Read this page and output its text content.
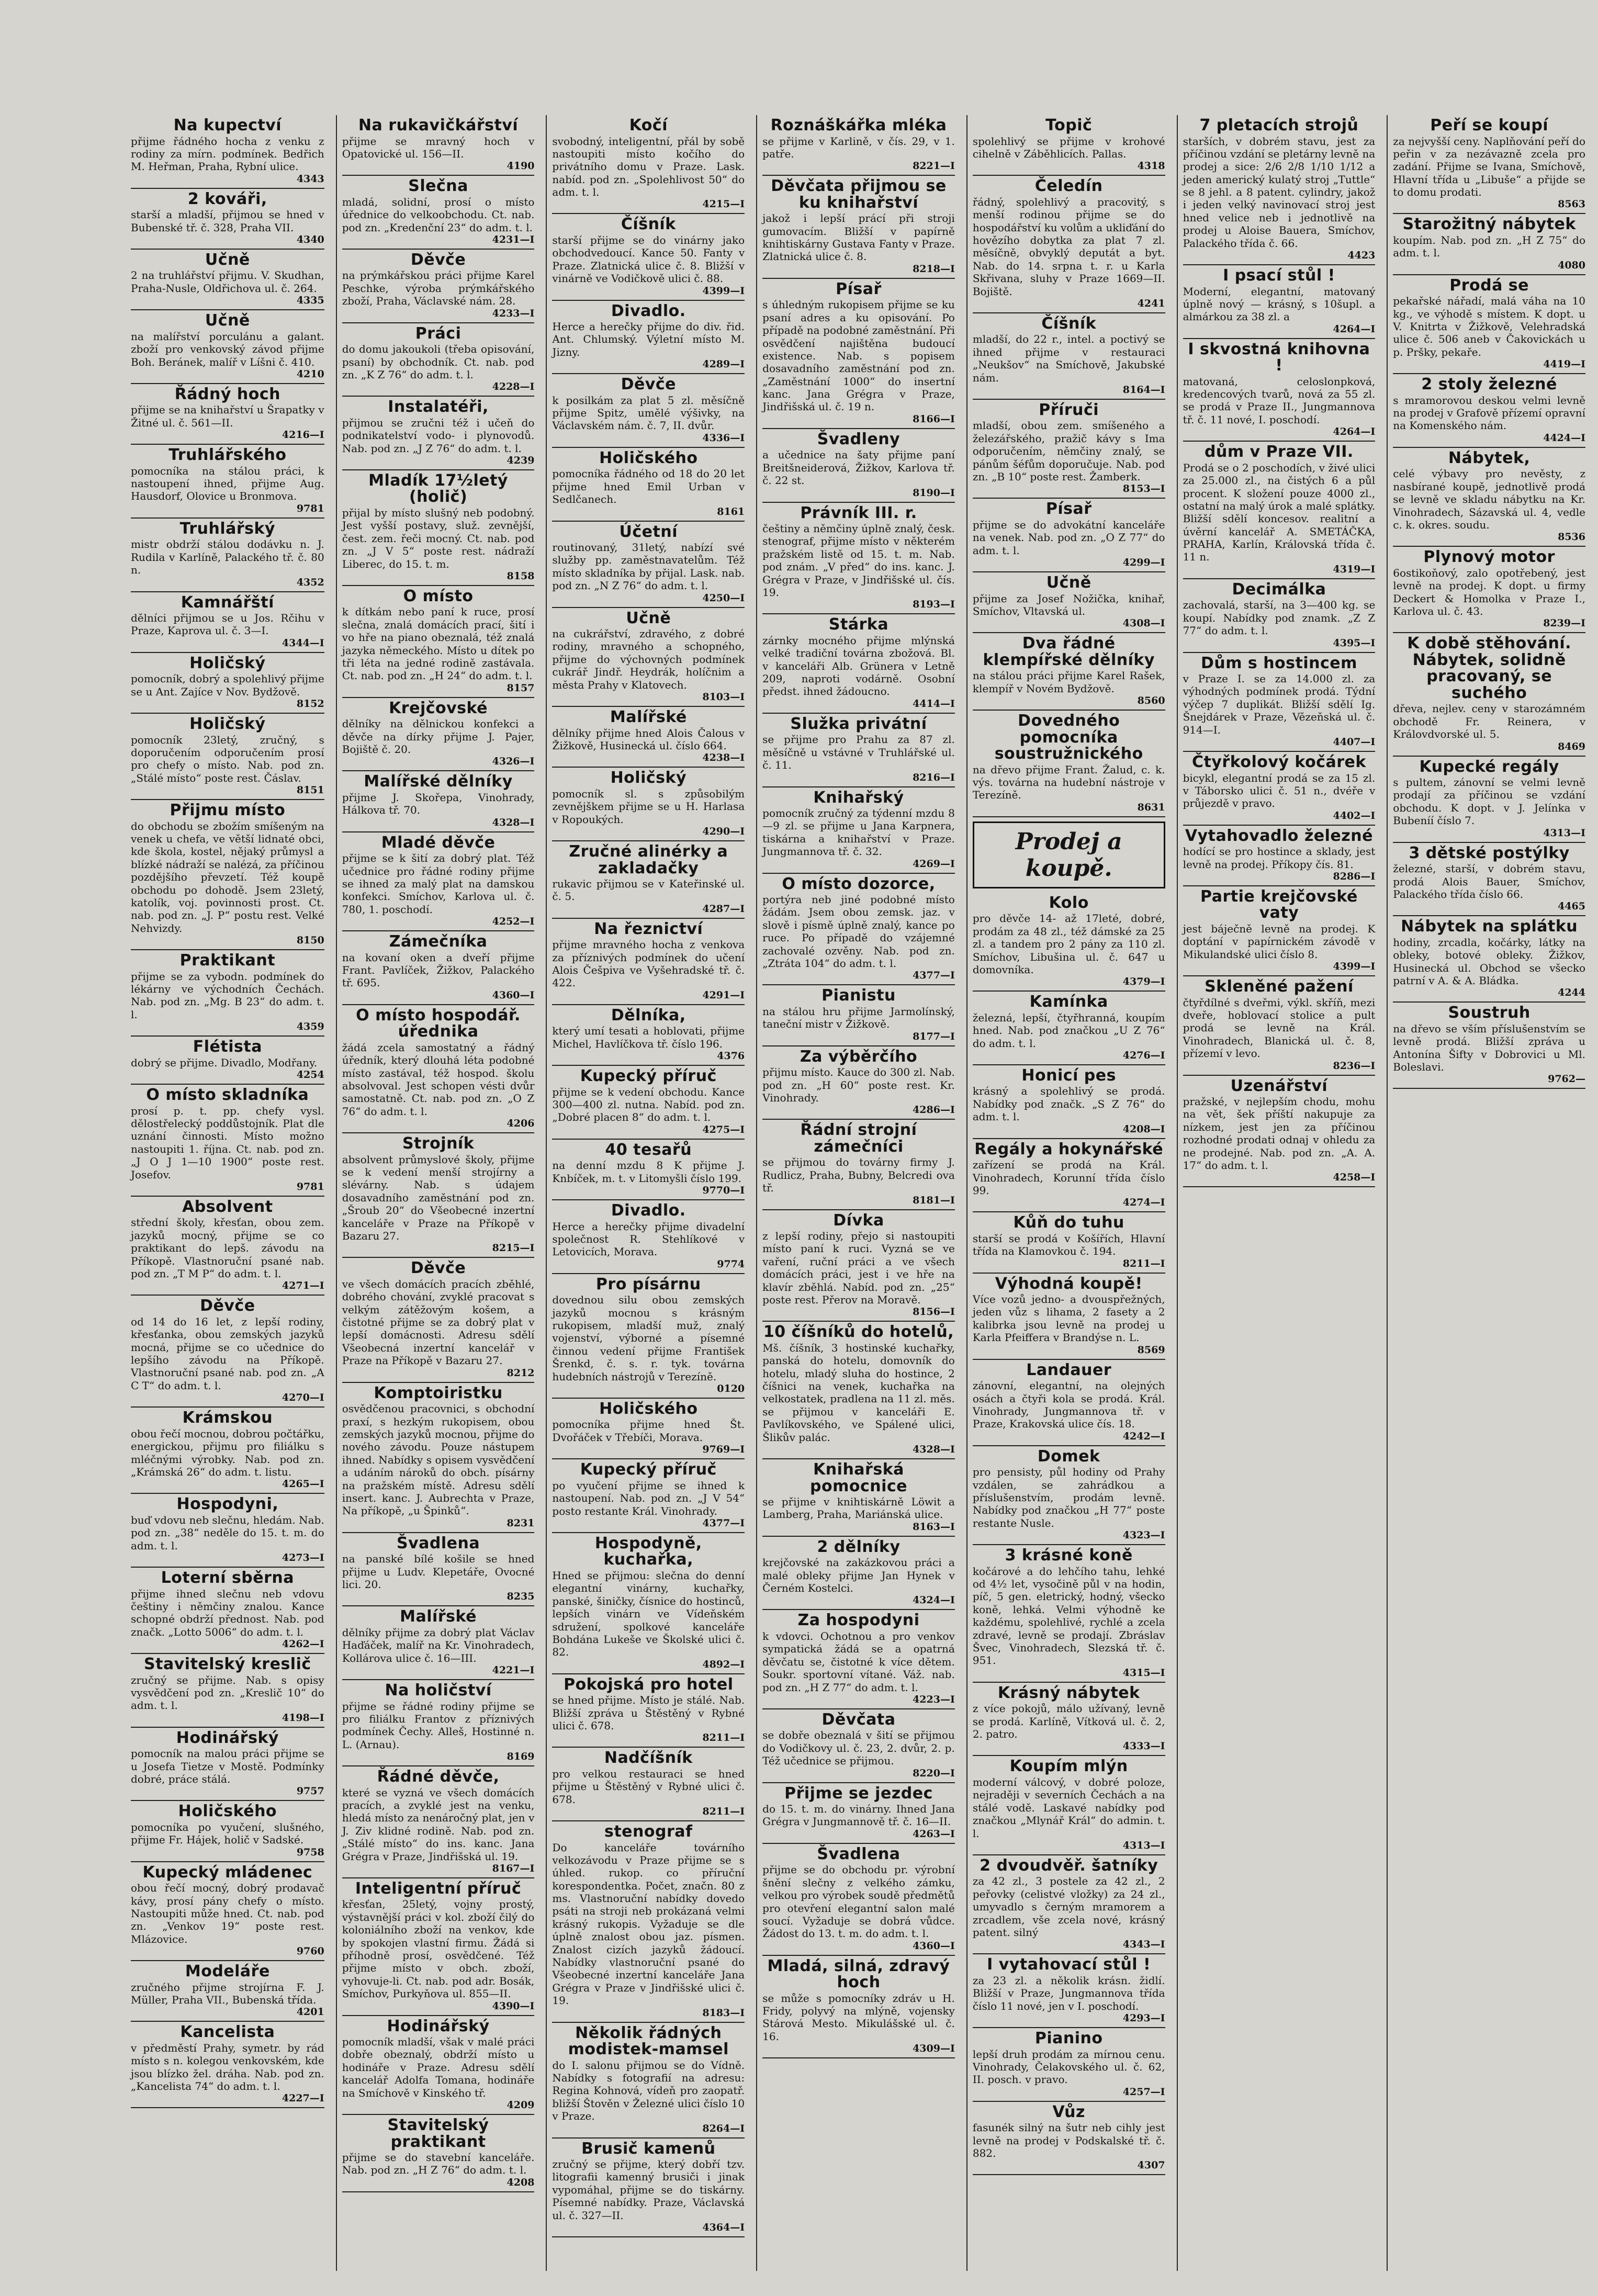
Na kupectví

přijme řádného hocha z venku z rodiny za mírn. podmínek. Bedřich M. Heřman, Praha, Rybní ulice.

4343
2 kováři,

starší a mladší, přijmou se hned v Bubenské tř. č. 328, Praha VII.

4340
Učně

2 na truhlářství přijmu. V. Skudhan, Praha-Nusle, Oldřichova ul. č. 264.

4335
Učně

na malířství porculánu a galant. zboží pro venkovský závod přijme Boh. Beránek, malíř v Líšni č. 410.

4210
Řádný hoch

přijme se na knihařství u Šrapatky v Žitné ul. č. 561—II.

4216—I
Truhlářského

pomocníka na stálou práci, k nastoupení ihned, přijme Aug. Hausdorf, Olovice u Bronmova.

9781
Truhlářský

mistr obdrží stálou dodávku n. J. Rudila v Karlíně, Palackého tř. č. 80 n.

4352
Kamnářští

dělníci přijmou se u Jos. Rčihu v Praze, Kaprova ul. č. 3—I.

4344—I
Holičský

pomocník, dobrý a spolehlivý přijme se u Ant. Zajíce v Nov. Bydžově.

8152
Holičský

pomocník 23letý, zručný, s doporučením odporučením prosí pro chefy o místo. Nab. pod zn. „Stálé místo“ poste rest. Čáslav.

8151
Přijmu místo

do obchodu se zbožím smíšeným na venek u chefa, ve větší lidnaté obci, kde škola, kostel, nějaký průmysl a blízké nádraží se nalézá, za příčinou pozdějšího převzetí. Též koupě obchodu po dohodě. Jsem 23letý, katolík, voj. povinnosti prost. Ct. nab. pod zn. „J. P“ postu rest. Velké Nehvizdy.

8150
Praktikant

přijme se za vybodn. podmínek do lékárny ve východních Čechách. Nab. pod zn. „Mg. B 23“ do adm. t. l.

4359
Flétista

dobrý se přijme. Divadlo, Modřany.

4254
O místo skladníka

prosí p. t. pp. chefy vysl. dělostřelecký poddůstojník. Plat dle uznání činnosti. Místo možno nastoupiti 1. října. Ct. nab. pod zn. „J O J 1—10 1900“ poste rest. Josefov.

9781
Absolvent

střední školy, křesťan, obou zem. jazyků mocný, přijme se co praktikant do lepš. závodu na Příkopě. Vlastnoruční psané nab. pod zn. „T M P“ do adm. t. l.

4271—I
Děvče

od 14 do 16 let, z lepší rodiny, křesťanka, obou zemských jazyků mocná, přijme se co učednice do lepšího závodu na Příkopě. Vlastnoruční psané nab. pod zn. „A C T“ do adm. t. l.

4270—I
Krámskou

obou řečí mocnou, dobrou počtářku, energickou, přijmu pro filiálku s mléčnými výrobky. Nab. pod zn. „Krámská 26“ do adm. t. listu.

4265—I
Hospodyni,

buď vdovu neb slečnu, hledám. Nab. pod zn. „38“ neděle do 15. t. m. do adm. t. l.

4273—I
Loterní sběrna

přijme ihned slečnu neb vdovu češtiny i němčiny znalou. Kance schopné obdrží přednost. Nab. pod značk. „Lotto 5006“ do adm. t. l.

4262—I
Stavitelský kreslič

zručný se přijme. Nab. s opisy vysvědčení pod zn. „Kreslič 10“ do adm. t. l.

4198—I
Hodinářský

pomocník na malou práci přijme se u Josefa Tietze v Mostě. Podmínky dobré, práce stálá.

9757
Holičského

pomocníka po vyučení, slušného, přijme Fr. Hájek, holič v Sadské.

9758
Kupecký mládenec

obou řečí mocný, dobrý prodavač kávy, prosí pány chefy o místo. Nastoupiti může hned. Ct. nab. pod zn. „Venkov 19“ poste rest. Mlázovice.

9760
Modeláře

zručného přijme strojírna F. J. Müller, Praha VII., Bubenská třída.

4201
Kancelista

v předměstí Prahy, symetr. by rád místo s n. kolegou venkovském, kde jsou blízko žel. dráha. Nab. pod zn. „Kancelista 74“ do adm. t. l.

4227—I
Na rukavičkářství

přijme se mravný hoch v Opatovické ul. 156—II.

4190
Slečna

mladá, solidní, prosí o místo úřednice do velkoobchodu. Ct. nab. pod zn. „Kredenční 23“ do adm. t. l.

4231—I
Děvče

na prýmkářskou práci přijme Karel Peschke, výroba prýmkářského zboží, Praha, Václavské nám. 28.

4233—I
Práci

do domu jakoukoli (třeba opisování, psaní) by obchodník. Ct. nab. pod zn. „K Z 76“ do adm. t. l.

4228—I
Instalatéři,

přijmou se zručni též i učeň do podnikatelství vodo- i plynovodů. Nab. pod zn. „J Z 76“ do adm. t. l.

4239
Mladík 17½letý (holič)

přijal by místo slušný neb podobný. Jest vyšší postavy, služ. zevnější, čest. zem. řeči mocný. Ct. nab. pod zn. „J V 5“ poste rest. nádraží Liberec, do 15. t. m.

8158
O místo

k dítkám nebo paní k ruce, prosí slečna, znalá domácích prací, šití i vo hře na piano obeznalá, též znalá jazyka německého. Místo u dítek po tři léta na jedné rodině zastávala. Ct. nab. pod zn. „H 24“ do adm. t. l.

8157
Krejčovské

dělníky na dělnickou konfekci a děvče na dírky přijme J. Pajer, Bojiště č. 20.

4326—I
Malířské dělníky

přijme J. Skořepa, Vinohrady, Hálkova tř. 70.

4328—I
Mladé děvče

přijme se k šití za dobrý plat. Též učednice pro řádné rodiny přijme se ihned za malý plat na damskou konfekci. Smíchov, Karlova ul. č. 780, 1. poschodí.

4252—I
Zámečníka

na kovaní oken a dveří přijme Frant. Pavlíček, Žižkov, Palackého tř. 695.

4360—I
O místo hospodář. úřednika

žádá zcela samostatný a řádný úředník, který dlouhá léta podobné místo zastával, též hospod. školu absolvoval. Jest schopen vésti dvůr samostatně. Ct. nab. pod zn. „O Z 76“ do adm. t. l.

4206
Strojník

absolvent průmyslové školy, přijme se k vedení menší strojírny a slévárny. Nab. s údajem dosavadního zaměstnání pod zn. „Šroub 20“ do Všeobecné inzertní kanceláře v Praze na Příkopě v Bazaru 27.

8215—I
Děvče

ve všech domácích pracích zběhlé, dobrého chování, zvyklé pracovat s velkým zátěžovým košem, a čistotné přijme se za dobrý plat v lepší domácnosti. Adresu sdělí Všeobecná inzertní kancelář v Praze na Příkopě v Bazaru 27.

8212
Komptoiristku

osvědčenou pracovnici, s obchodní praxí, s hezkým rukopisem, obou zemských jazyků mocnou, přijme do nového závodu. Pouze nástupem ihned. Nabídky s opisem vysvědčení a udáním nároků do obch. písárny na pražském místě. Adresu sdělí insert. kanc. J. Aubrechta v Praze, Na příkopě, „u Špinků“.

8231
Švadlena

na panské bílé košile se hned přijme u Ludv. Klepetáře, Ovocné lici. 20.

8235
Malířské

dělníky přijme za dobrý plat Václav Haďáček, malíř na Kr. Vinohradech, Kollárova ulice č. 16—III.

4221—I
Na holičství

přijme se řádné rodiny přijme se pro filiálku Frantov z příznivých podmínek Čechy. Alleš, Hostinné n. L. (Arnau).

8169
Řádné děvče,

které se vyzná ve všech domácích pracích, a zvyklé jest na venku, hledá místo za nenáročný plat, jen v J. Ziv klidné rodině. Nab. pod zn. „Stálé místo“ do ins. kanc. Jana Grégra v Praze, Jindřišská ul. 19.

8167—I
Inteligentní příruč

křesťan, 25letý, vojny prostý, výstavnější práci v kol. zboží čilý do koloniálního zboží na venkov, kde by spokojen vlastní firmu. Žádá si příhodně prosí, osvědčené. Též přijme místo v obch. zboží, vyhovuje-li. Ct. nab. pod adr. Bosák, Smíchov, Purkyňova ul. 855—II.

4390—I
Hodinářský

pomocník mladší, však v malé práci dobře obeznalý, obdrží místo u hodináře v Praze. Adresu sdělí kancelář Adolfa Tomana, hodináře na Smíchově v Kinského tř.

4209
Stavitelský praktikant

přijme se do stavební kanceláře. Nab. pod zn. „H Z 76“ do adm. t. l.

4208
Kočí

svobodný, inteligentní, přál by sobě nastoupiti místo kočího do privátního domu v Praze. Lask. nabíd. pod zn. „Spolehlivost 50“ do adm. t. l.

4215—I
Číšník

starší přijme se do vinárny jako obchodvedoucí. Kance 50. Fanty v Praze. Zlatnická ulice č. 8. Bližší v vinárně ve Vodičkově ulici č. 88.

4399—I
Divadlo.

Herce a herečky přijme do div. řid. Ant. Chlumský. Výletní místo M. Jizny.

4289—I
Děvče

k posilkám za plat 5 zl. měsíčně přijme Spitz, umělé výšivky, na Václavském nám. č. 7, II. dvůr.

4336—I
Holičského

pomocníka řádného od 18 do 20 let přijme hned Emil Urban v Sedlčanech.

8161
Účetní

routinovaný, 31letý, nabízí své služby pp. zaměstnavatelům. Též místo skladníka by přijal. Lask. nab. pod zn. „N Z 76“ do adm. t. l.

4250—I
Učně

na cukrářství, zdravého, z dobré rodiny, mravného a schopného, přijme do výchovných podmínek cukrář Jindř. Heydrák, holíčnim a města Prahy v Klatovech.

8103—I
Malířské

dělníky přijme hned Alois Čalous v Žižkově, Husinecká ul. číslo 664.

4238—I
Holičský

pomocník sl. s způsobilým zevnějškem přijme se u H. Harlasa v Ropoukých.

4290—I
Zručné alinérky a zakladačky

rukavic přijmou se v Kateřinské ul. č. 5.

4287—I
Na řeznictví

přijme mravného hocha z venkova za příznivých podmínek do učení Alois Češpiva ve Vyšehradské tř. č. 422.

4291—I
Dělníka,

který umí tesati a hoblovati, přijme Michel, Havlíčkova tř. číslo 196.

4376
Kupecký příruč

přijme se k vedení obchodu. Kance 300—400 zl. nutna. Nabíd. pod zn. „Dobré placen 8“ do adm. t. l.

4275—I
40 tesařů

na denní mzdu 8 K přijme J. Knbíček, m. t. v Litomyšli číslo 199.

9770—I
Divadlo.

Herce a herečky přijme divadelní společnost R. Stehlíkové v Letovicích, Morava.

9774
Pro písárnu

dovednou silu obou zemských jazyků mocnou s krásným rukopisem, mladší muž, znalý vojenství, výborné a písemné činnou vedení přijme František Šrenkd, č. s. r. tyk. továrna hudebních nástrojů v Terezíně.

0120
Holičského

pomocníka přijme hned Št. Dvořáček v Třebíči, Morava.

9769—I
Kupecký příruč

po vyučení přijme se ihned k nastoupení. Nab. pod zn. „J V 54“ posto restante Král. Vinohrady.

4377—I
Hospodyně, kuchařka,

Hned se přijmou: slečna do denní elegantní vinárny, kuchařky, panské, šiničky, čísnice do hostinců, lepších vinárn ve Vídeňském sdružení, spolkové kanceláře Bohdána Lukeše ve Školské ulici č. 82.

4892—I
Pokojská pro hotel

se hned přijme. Místo je stálé. Nab. Bližší zpráva u Štěstěný v Rybné ulici č. 678.

8211—I
Nadčíšník

pro velkou restauraci se hned přijme u Štěstěný v Rybné ulici č. 678.

8211—I
stenograf

Do kanceláře továrního velkozávodu v Praze přijme se s úhled. rukop. co příruční korespondentka. Počet, značn. 80 z ms. Vlastnoruční nabídky dovedo psáti na stroji neb prokázaná velmi krásný rukopis. Vyžaduje se dle úplně znalost obou jaz. písmen. Znalost cizích jazyků žádoucí. Nabídky vlastnoruční psané do Všeobecné inzertní kanceláře Jana Grégra v Praze v Jindřišské ulici č. 19.

8183—I
Několik řádných modistek-mamsel

do I. salonu přijmou se do Vídně. Nabídky s fotografií na adresu: Regina Kohnová, vídeň pro zaopatř. bližší Štověn v Železné ulici číslo 10 v Praze.

8264—I
Brusič kamenů

zručný se přijme, který dobří tzv. litografii kamenný brusiči i jinak vypomáhal, přijme se do tiskárny. Písemné nabídky. Praze, Václavská ul. č. 327—II.

4364—I
Roznáškářka mléka

se přijme v Karlině, v čís. 29, v 1. patře.

8221—I
Děvčata přijmou se ku knihařství

jakož i lepší prácí při stroji gumovacím. Bližší v papírně knihtiskárny Gustava Fanty v Praze. Zlatnická ulice č. 8.

8218—I
Písař

s úhledným rukopisem přijme se ku psaní adres a ku opisování. Po případě na podobné zaměstnání. Při osvědčení najištěna budoucí existence. Nab. s popisem dosavadního zaměstnání pod zn. „Zaměstnání 1000“ do insertní kanc. Jana Grégra v Praze, Jindřišská ul. č. 19 n.

8166—I
Švadleny

a učednice na šaty přijme paní Breitšneiderová, Žižkov, Karlova tř. č. 22 st.

8190—I
Právník III. r.

češtiny a němčiny úplně znalý, česk. stenograf, přijme místo v některém pražském listě od 15. t. m. Nab. pod znám. „V před“ do ins. kanc. J. Grégra v Praze, v Jindřišské ul. čís. 19.

8193—I
Stárka

zárnky mocného přijme mlýnská velké tradiční továrna zbožová. Bl. v kanceláři Alb. Grünera v Letně 209, naproti vodárně. Osobní předst. ihned žádoucno.

4414—I
Služka privátní

se přijme pro Prahu za 87 zl. měsíčně u vstávné v Truhlářské ul. č. 11.

8216—I
Knihařský

pomocník zručný za týdenní mzdu 8—9 zl. se přijme u Jana Karpnera, tiskárna a knihařství v Praze. Jungmannova tř. č. 32.

4269—I
O místo dozorce,

portýra neb jiné podobné místo žádám. Jsem obou zemsk. jaz. v slově i písmě úplně znalý, kance po ruce. Po případě do vzájemné zachovalé ozvěny. Nab. pod zn. „Ztráta 104“ do adm. t. l.

4377—I
Pianistu

na stálou hru přijme Jarmolínský, taneční mistr v Žižkově.

8177—I
Za výběrčího

přijmu místo. Kauce do 300 zl. Nab. pod zn. „H 60“ poste rest. Kr. Vinohrady.

4286—I
Řádní strojní zámečníci

se přijmou do továrny firmy J. Rudlicz, Praha, Bubny, Belcredi ova tř.

8181—I
Dívka

z lepší rodiny, přejo si nastoupiti místo paní k ruci. Vyzná se ve vaření, ruční práci a ve všech domácích práci, jest i ve hře na klavír zběhlá. Nabíd. pod zn. „25“ poste rest. Přerov na Moravě.

8156—I
10 číšníků do hotelů,

Mš. číšník, 3 hostinské kuchařky, panská do hotelu, domovník do hotelu, mladý sluha do hostince, 2 číšnici na venek, kuchařka na velkostatek, pradlena na 11 zl. měs. se přijmou v kanceláři E. Pavlíkovského, ve Spálené ulici, Šlikův palác.

4328—I
Knihařská pomocnice

se přijme v knihtiskárně Löwit a Lamberg, Praha, Mariánská ulice.

8163—I
2 dělníky

krejčovské na zakázkovou práci a malé obleky přijme Jan Hynek v Černém Kostelci.

4324—I
Za hospodyni

k vdovci. Ochotnou a pro venkov sympatická žádá se a opatrná děvčatu se, čistotné k více dětem. Soukr. sportovní vítané. Váž. nab. pod zn. „H Z 77“ do adm. t. l.

4223—I
Děvčata

se dobře obeznalá v šití se přijmou do Vodičkovy ul. č. 23, 2. dvůr, 2. p. Též učednice se přijmou.

8220—I
Přijme se jezdec

do 15. t. m. do vinárny. Ihned Jana Grégra v Jungmannově tř. č. 16—II.

4263—I
Švadlena

přijme se do obchodu pr. výrobní šnění slečny z velkého zámku, velkou pro výrobek soudě předmětů pro otevření elegantní salon malé soucí. Vyžaduje se dobrá vůdce. Žádost do 13. t. m. do adm. t. l.

4360—I
Mladá, silná, zdravý hoch

se může s pomocníky zdráv u H. Fridy, polyvý na mlýně, vojensky Stárová Mesto. Mikulášské ul. č. 16.

4309—I
Topič

spolehlivý se přijme v krohové cihelně v Záběhlicích. Pallas.

4318
Čeledín

řádný, spolehlivý a pracovitý, s menší rodinou přijme se do hospodářství ku volům a ukliďání do hovězího dobytka za plat 7 zl. měsíčně, obvyklý deputát a byt. Nab. do 14. srpna t. r. u Karla Skřivana, sluhy v Praze 1669—II. Bojiště.

4241
Číšník

mladší, do 22 r., intel. a poctivý se ihned přijme v restauraci „Neukšov“ na Smíchově, Jakubské nám.

8164—I
Příruči

mladší, obou zem. smíšeného a železářského, pražič kávy s Ima odporučením, němčiny znalý, se pánům šéfům doporučuje. Nab. pod zn. „B 10“ poste rest. Žamberk.

8153—I
Písař

přijme se do advokátní kanceláře na venek. Nab. pod zn. „O Z 77“ do adm. t. l.

4299—I
Učně

přijme za Josef Nožička, knihař, Smíchov, Vltavská ul.

4308—I
Dva řádné klempířské dělníky

na stálou práci přijme Karel Rašek, klempíř v Novém Bydžově.

8560
Dovedného pomocníka soustružnického

na dřevo přijme Frant. Žalud, c. k. výs. továrna na hudební nástroje v Terezíně.

8631
Prodej a koupě.
Kolo

pro děvče 14- až 17leté, dobré, prodám za 48 zl., též dámské za 25 zl. a tandem pro 2 pány za 110 zl. Smíchov, Libušina ul. č. 647 u domovníka.

4379—I
Kamínka

železná, lepší, čtyřhranná, koupím hned. Nab. pod značkou „U Z 76“ do adm. t. l.

4276—I
Honicí pes

krásný a spolehlivý se prodá. Nabídky pod značk. „S Z 76“ do adm. t. l.

4208—I
Regály a hokynářské

zařízení se prodá na Král. Vinohradech, Korunní třída číslo 99.

4274—I
Kůň do tuhu

starší se prodá v Košířích, Hlavní třída na Klamovkou č. 194.

8211—I
Výhodná koupě!

Více vozů jedno- a dvouspřežných, jeden vůz s lihama, 2 fasety a 2 kalibrka jsou levně na prodej u Karla Pfeiffera v Brandýse n. L.

8569
Landauer

zánovní, elegantní, na olejných osách a čtyři kola se prodá. Král. Vinohrady, Jungmannova tř. v Praze, Krakovská ulice čís. 18.

4242—I
Domek

pro pensisty, půl hodiny od Prahy vzdálen, se zahrádkou a příslušenstvím, prodám levně. Nabídky pod značkou „H 77“ poste restante Nusle.

4323—I
3 krásné koně

kočárové a do lehčího tahu, lehké od 4½ let, vysočině půl v na hodin, píč, 5 gen. eletrický, hodný, všecko koně, lehká. Velmi výhodně ke každému, spolehlivé, rychlé a zcela zdravé, levně se prodají. Zbráslav Švec, Vinohradech, Slezská tř. č. 951.

4315—I
Krásný nábytek

z více pokojů, málo užívaný, levně se prodá. Karlíně, Vítková ul. č. 2, 2. patro.

4333—I
Koupím mlýn

moderní válcový, v dobré poloze, nejraději v severních Čechách a na stálé vodě. Laskavé nabídky pod značkou „Mlynář Král“ do admin. t. l.

4313—I
2 dvoudvěř. šatníky

za 42 zl., 3 postele za 42 zl., 2 peřovky (celistvé vložky) za 24 zl., umyvadlo s černým mramorem a zrcadlem, vše zcela nové, krásný patent. silný

4343—I
I vytahovací stůl !

za 23 zl. a několik krásn. židlí. Bližší v Praze, Jungmannova třída číslo 11 nové, jen v I. poschodí.

4293—I
Pianino

lepší druh prodám za mírnou cenu. Vinohrady, Čelakovského ul. č. 62, II. posch. v pravo.

4257—I
Vůz

fasunék silný na šutr neb cihly jest levně na prodej v Podskalské tř. č. 882.

4307
7 pletacích strojů

starších, v dobrém stavu, jest za příčinou vzdání se pletárny levně na prodej a sice: 2/6 2/8 1/10 1/12 a jeden americký kulatý stroj „Tuttle“ se 8 jehl. a 8 patent. cylindry, jakož i jeden velký navinovací stroj jest hned velice neb i jednotlivě na prodej u Aloise Bauera, Smíchov, Palackého třída č. 66.

4423
I psací stůl !

Moderní, elegantní, matovaný úplně nový — krásný, s 10šupl. a almárkou za 38 zl. a

4264—I
I skvostná knihovna !

matovaná, celoslonpková, kredencových tvarů, nová za 55 zl. se prodá v Praze II., Jungmannova tř. č. 11 nové, I. poschodí.

4264—I
dům v Praze VII.

Prodá se o 2 poschodích, v živé ulici za 25.000 zl., na čistých 6 a půl procent. K složení pouze 4000 zl., ostatní na malý úrok a malé splátky. Bližší sdělí koncesov. realitní a úvěrní kancelář A. SMETÁČKA, PRAHA, Karlín, Královská třída č. 11 n.

4319—I
Decimálka

zachovalá, starší, na 3—400 kg. se koupí. Nabídky pod znamk. „Z Z 77“ do adm. t. l.

4395—I
Dům s hostincem

v Praze I. se za 14.000 zl. za výhodných podmínek prodá. Týdní výčep 7 duplikát. Bližší sdělí Ig. Šnejdárek v Praze, Vězeňská ul. č. 914—I.

4407—I
Čtyřkolový kočárek

bicykl, elegantní prodá se za 15 zl. v Táborsko ulici č. 51 n., dvéře v průjezdě v pravo.

4402—I
Vytahovadlo železné

hodící se pro hostince a sklady, jest levně na prodej. Příkopy čís. 81.

8286—I
Partie krejčovské vaty

jest báječně levně na prodej. K doptání v papírnickém závodě v Mikulandské ulici číslo 8.

4399—I
Skleněné pažení

čtyřdílné s dveřmi, výkl. skříň, mezi dveře, hoblovací stolice a pult prodá se levně na Král. Vinohradech, Blanická ul. č. 8, přízemí v levo.

8236—I
Uzenářství

pražské, v nejlepším chodu, mohu na vět, šek příští nakupuje za nízkem, jest jen za příčinou rozhodné prodati odnaj v ohledu za ne prodejné. Nab. pod zn. „A. A. 17“ do adm. t. l.

4258—I
Peří se koupí

za nejvyšší ceny. Naplňování peří do peřin v za nezávazně zcela pro zadání. Přijme se Ivana, Smíchově, Hlavní třída u „Libuše“ a přijde se to domu prodati.

8563
Starožitný nábytek

koupím. Nab. pod zn. „H Z 75“ do adm. t. l.

4080
Prodá se

pekařské nářadí, malá váha na 10 kg., ve výhodě s místem. K dopt. u V. Knitrta v Žižkově, Velehradská ulice č. 506 aneb v Čakovickách u p. Pršky, pekaře.

4419—I
2 stoly železné

s mramorovou deskou velmi levně na prodej v Grafově přízemí opravní na Komenského nám.

4424—I
Nábytek,

celé výbavy pro nevěsty, z nasbírané koupě, jednotlivě prodá se levně ve skladu nábytku na Kr. Vinohradech, Sázavská ul. 4, vedle c. k. okres. soudu.

8536
Plynový motor

6ostikoňový, zalo opotřebený, jest levně na prodej. K dopt. u firmy Deckert & Homolka v Praze I., Karlova ul. č. 43.

8239—I
K době stěhování. Nábytek, solidně pracovaný, se suchého

dřeva, nejlev. ceny v starozámném obchodě Fr. Reinera, v Královdvorské ul. 5.

8469
Kupecké regály

s pultem, zánovní se velmi levně prodají za příčinou se vzdání obchodu. K dopt. v J. Jelínka v Bubeníí číslo 7.

4313—I
3 dětské postýlky

železné, starší, v dobrém stavu, prodá Alois Bauer, Smíchov, Palackého třída číslo 66.

4465
Nábytek na splátku

hodiny, zrcadla, kočárky, látky na obleky, botové obleky. Žižkov, Husinecká ul. Obchod se všecko patrní v A. & A. Bládka.

4244
Soustruh

na dřevo se vším příslušenstvím se levně prodá. Bližší zpráva u Antonína Šifty v Dobrovici u Ml. Boleslavi.

9762—
